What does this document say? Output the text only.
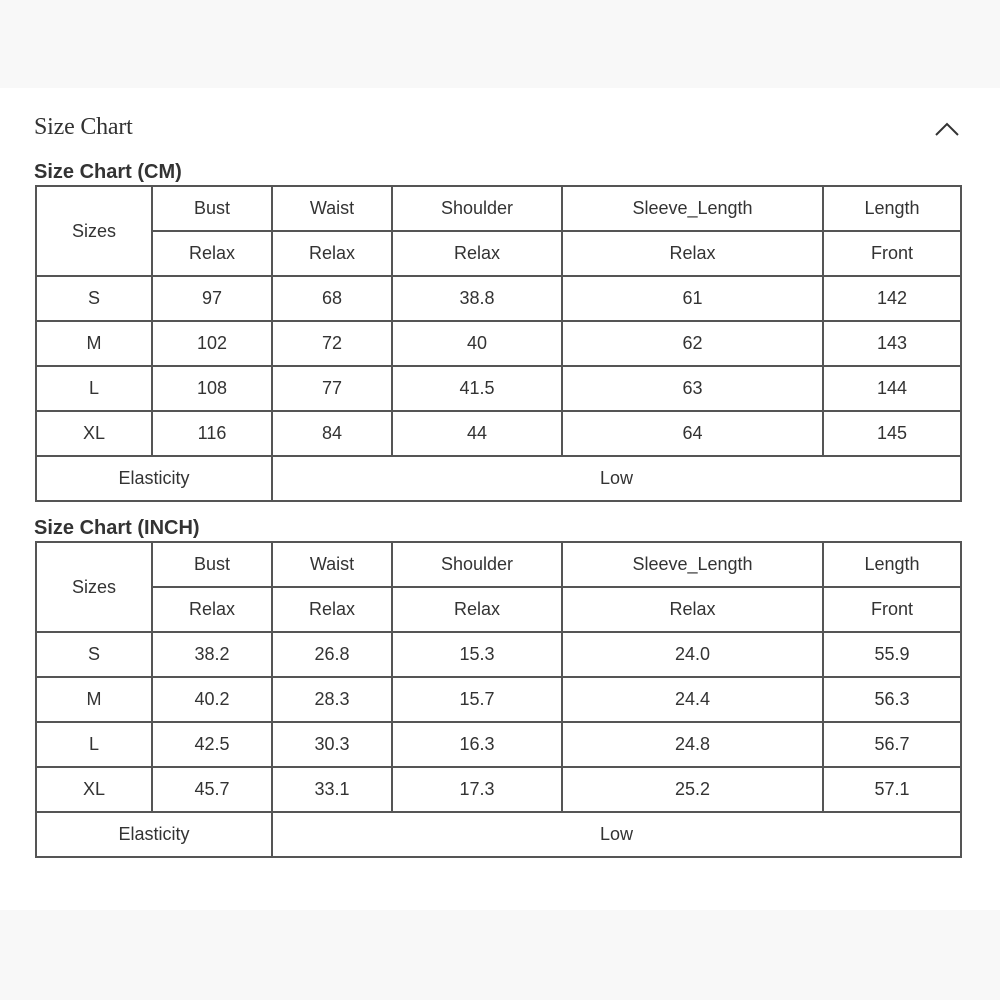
Size Chart
Size Chart (CM)
Sizes	Bust	Waist	Shoulder	Sleeve_Length	Length
	Relax	Relax	Relax	Relax	Front
S	97	68	38.8	61	142
M	102	72	40	62	143
L	108	77	41.5	63	144
XL	116	84	44	64	145
Elasticity		Low			
Size Chart (INCH)
Sizes	Bust	Waist	Shoulder	Sleeve_Length	Length
	Relax	Relax	Relax	Relax	Front
S	38.2	26.8	15.3	24.0	55.9
M	40.2	28.3	15.7	24.4	56.3
L	42.5	30.3	16.3	24.8	56.7
XL	45.7	33.1	17.3	25.2	57.1
Elasticity		Low			
